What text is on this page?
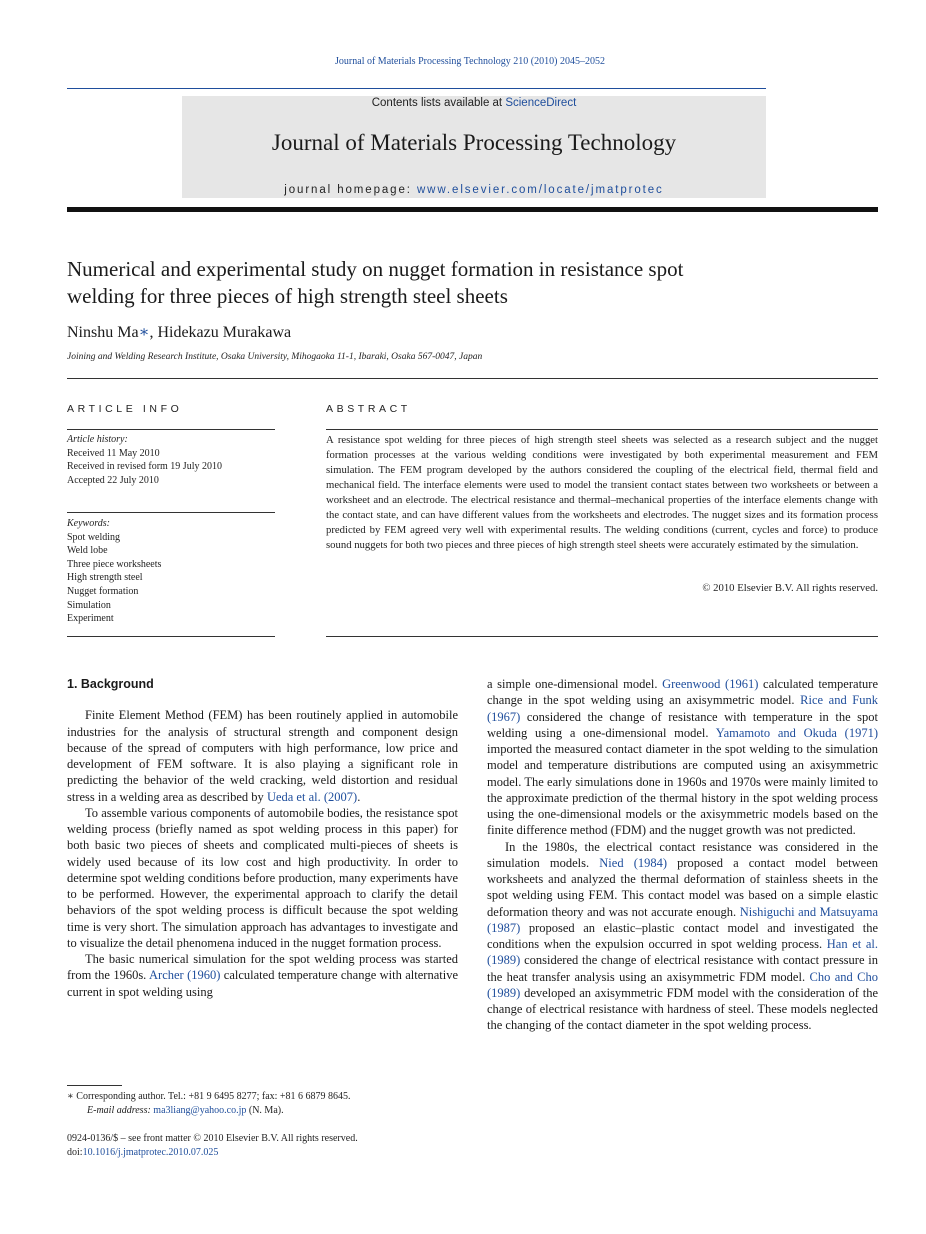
Journal of Materials Processing Technology 210 (2010) 2045–2052
Contents lists available at ScienceDirect
Journal of Materials Processing Technology
journal homepage: www.elsevier.com/locate/jmatprotec
Numerical and experimental study on nugget formation in resistance spot
welding for three pieces of high strength steel sheets
Ninshu Ma∗, Hidekazu Murakawa
Joining and Welding Research Institute, Osaka University, Mihogaoka 11-1, Ibaraki, Osaka 567-0047, Japan
ARTICLE INFO	ABSTRACT
Article history:
Received 11 May 2010
Received in revised form 19 July 2010
Accepted 22 July 2010
Keywords:
Spot welding
Weld lobe
Three piece worksheets
High strength steel
Nugget formation
Simulation
Experiment
A resistance spot welding for three pieces of high strength steel sheets was selected as a research subject and the nugget formation processes at the various welding conditions were investigated by both experimental measurement and FEM simulation. The FEM program developed by the authors considered the coupling of the electrical field, thermal field and mechanical field. The interface elements were used to model the transient contact states between two worksheets or between a worksheet and an electrode. The electrical resistance and thermal–mechanical properties of the interface elements change with the contact state, and can have different values from the worksheets and electrodes. The nugget sizes and its formation process predicted by FEM agreed very well with experimental results. The welding conditions (current, cycles and force) to produce sound nuggets for both two pieces and three pieces of high strength steel sheets were accurately estimated by the simulation.
© 2010 Elsevier B.V. All rights reserved.
1. Background

Finite Element Method (FEM) has been routinely applied in automobile industries for the analysis of structural strength and component design because of the spread of computers with high performance, low price and development of FEM software. It is also playing a significant role in predicting the behavior of the weld cracking, weld distortion and residual stress in a welding area as described by Ueda et al. (2007).

To assemble various components of automobile bodies, the resistance spot welding process (briefly named as spot welding process in this paper) for both basic two pieces of sheets and complicated multi-pieces of sheets is widely used because of its low cost and high productivity. In order to determine spot welding conditions before production, many experiments have to be performed. However, the experimental approach to clarify the detail behaviors of the spot welding process is difficult because the spot welding time is very short. The simulation approach has advantages to investigate and to visualize the detail phenomena induced in the nugget formation process.

The basic numerical simulation for the spot welding process was started from the 1960s. Archer (1960) calculated temperature change with alternative current in spot welding using

a simple one-dimensional model. Greenwood (1961) calculated temperature change in the spot welding using an axisymmetric model. Rice and Funk (1967) considered the change of resistance with temperature in the spot welding using a one-dimensional model. Yamamoto and Okuda (1971) imported the measured contact diameter in the spot welding to the simulation model and temperature distributions are computed using an axisymmetric model. The early simulations done in 1960s and 1970s were mainly limited to the approximate prediction of the thermal history in the spot welding process using the one-dimensional models or the axisymmetric models based on the finite difference method (FDM) and the nugget growth was not predicted.

In the 1980s, the electrical contact resistance was considered in the simulation models. Nied (1984) proposed a contact model between worksheets and analyzed the thermal deformation of stainless sheets in the spot welding using FEM. This contact model was based on a simple elastic deformation theory and was not accurate enough. Nishiguchi and Matsuyama (1987) proposed an elastic–plastic contact model and investigated the conditions when the expulsion occurred in spot welding process. Han et al. (1989) considered the change of electrical resistance with contact pressure in the heat transfer analysis using an axisymmetric FDM model. Cho and Cho (1989) developed an axisymmetric FDM model with the consideration of the change of electrical resistance with hardness of steel. These models neglected the changing of the contact diameter in the spot welding process.

∗ Corresponding author. Tel.: +81 9 6495 8277; fax: +81 6 6879 8645.
E-mail address: ma3liang@yahoo.co.jp (N. Ma).
0924-0136/$ – see front matter © 2010 Elsevier B.V. All rights reserved.
doi:10.1016/j.jmatprotec.2010.07.025
